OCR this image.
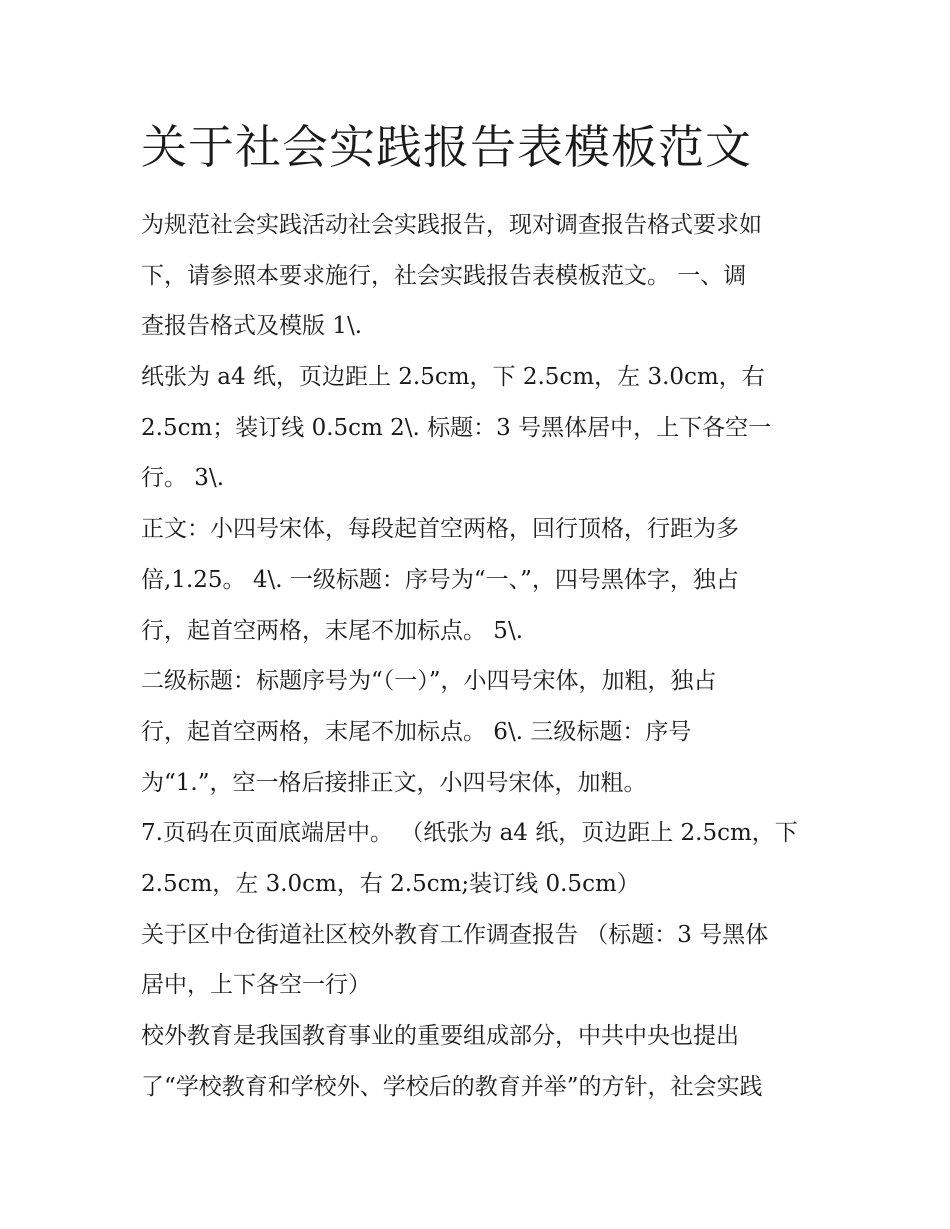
关于社会实践报告表模板范文
为规范社会实践活动社会实践报告，现对调查报告格式要求如
下，请参照本要求施行，社会实践报告表模板范文。 一、调
查报告格式及模版 1\.
纸张为 a4 纸，页边距上 2.5cm，下 2.5cm，左 3.0cm，右
2.5cm；装订线 0.5cm 2\. 标题：3 号黑体居中，上下各空一
行。 3\.
正文：小四号宋体，每段起首空两格，回行顶格，行距为多
倍,1.25。 4\. 一级标题：序号为“一、”，四号黑体字，独占
行，起首空两格，末尾不加标点。 5\.
二级标题：标题序号为“（一）”，小四号宋体，加粗，独占
行，起首空两格，末尾不加标点。 6\. 三级标题：序号
为“1.”，空一格后接排正文，小四号宋体，加粗。
7.页码在页面底端居中。 （纸张为 a4 纸，页边距上 2.5cm，下
2.5cm，左 3.0cm，右 2.5cm;装订线 0.5cm）
关于区中仓街道社区校外教育工作调查报告 （标题：3 号黑体
居中，上下各空一行）
校外教育是我国教育事业的重要组成部分，中共中央也提出
了“学校教育和学校外、学校后的教育并举”的方针，社会实践
